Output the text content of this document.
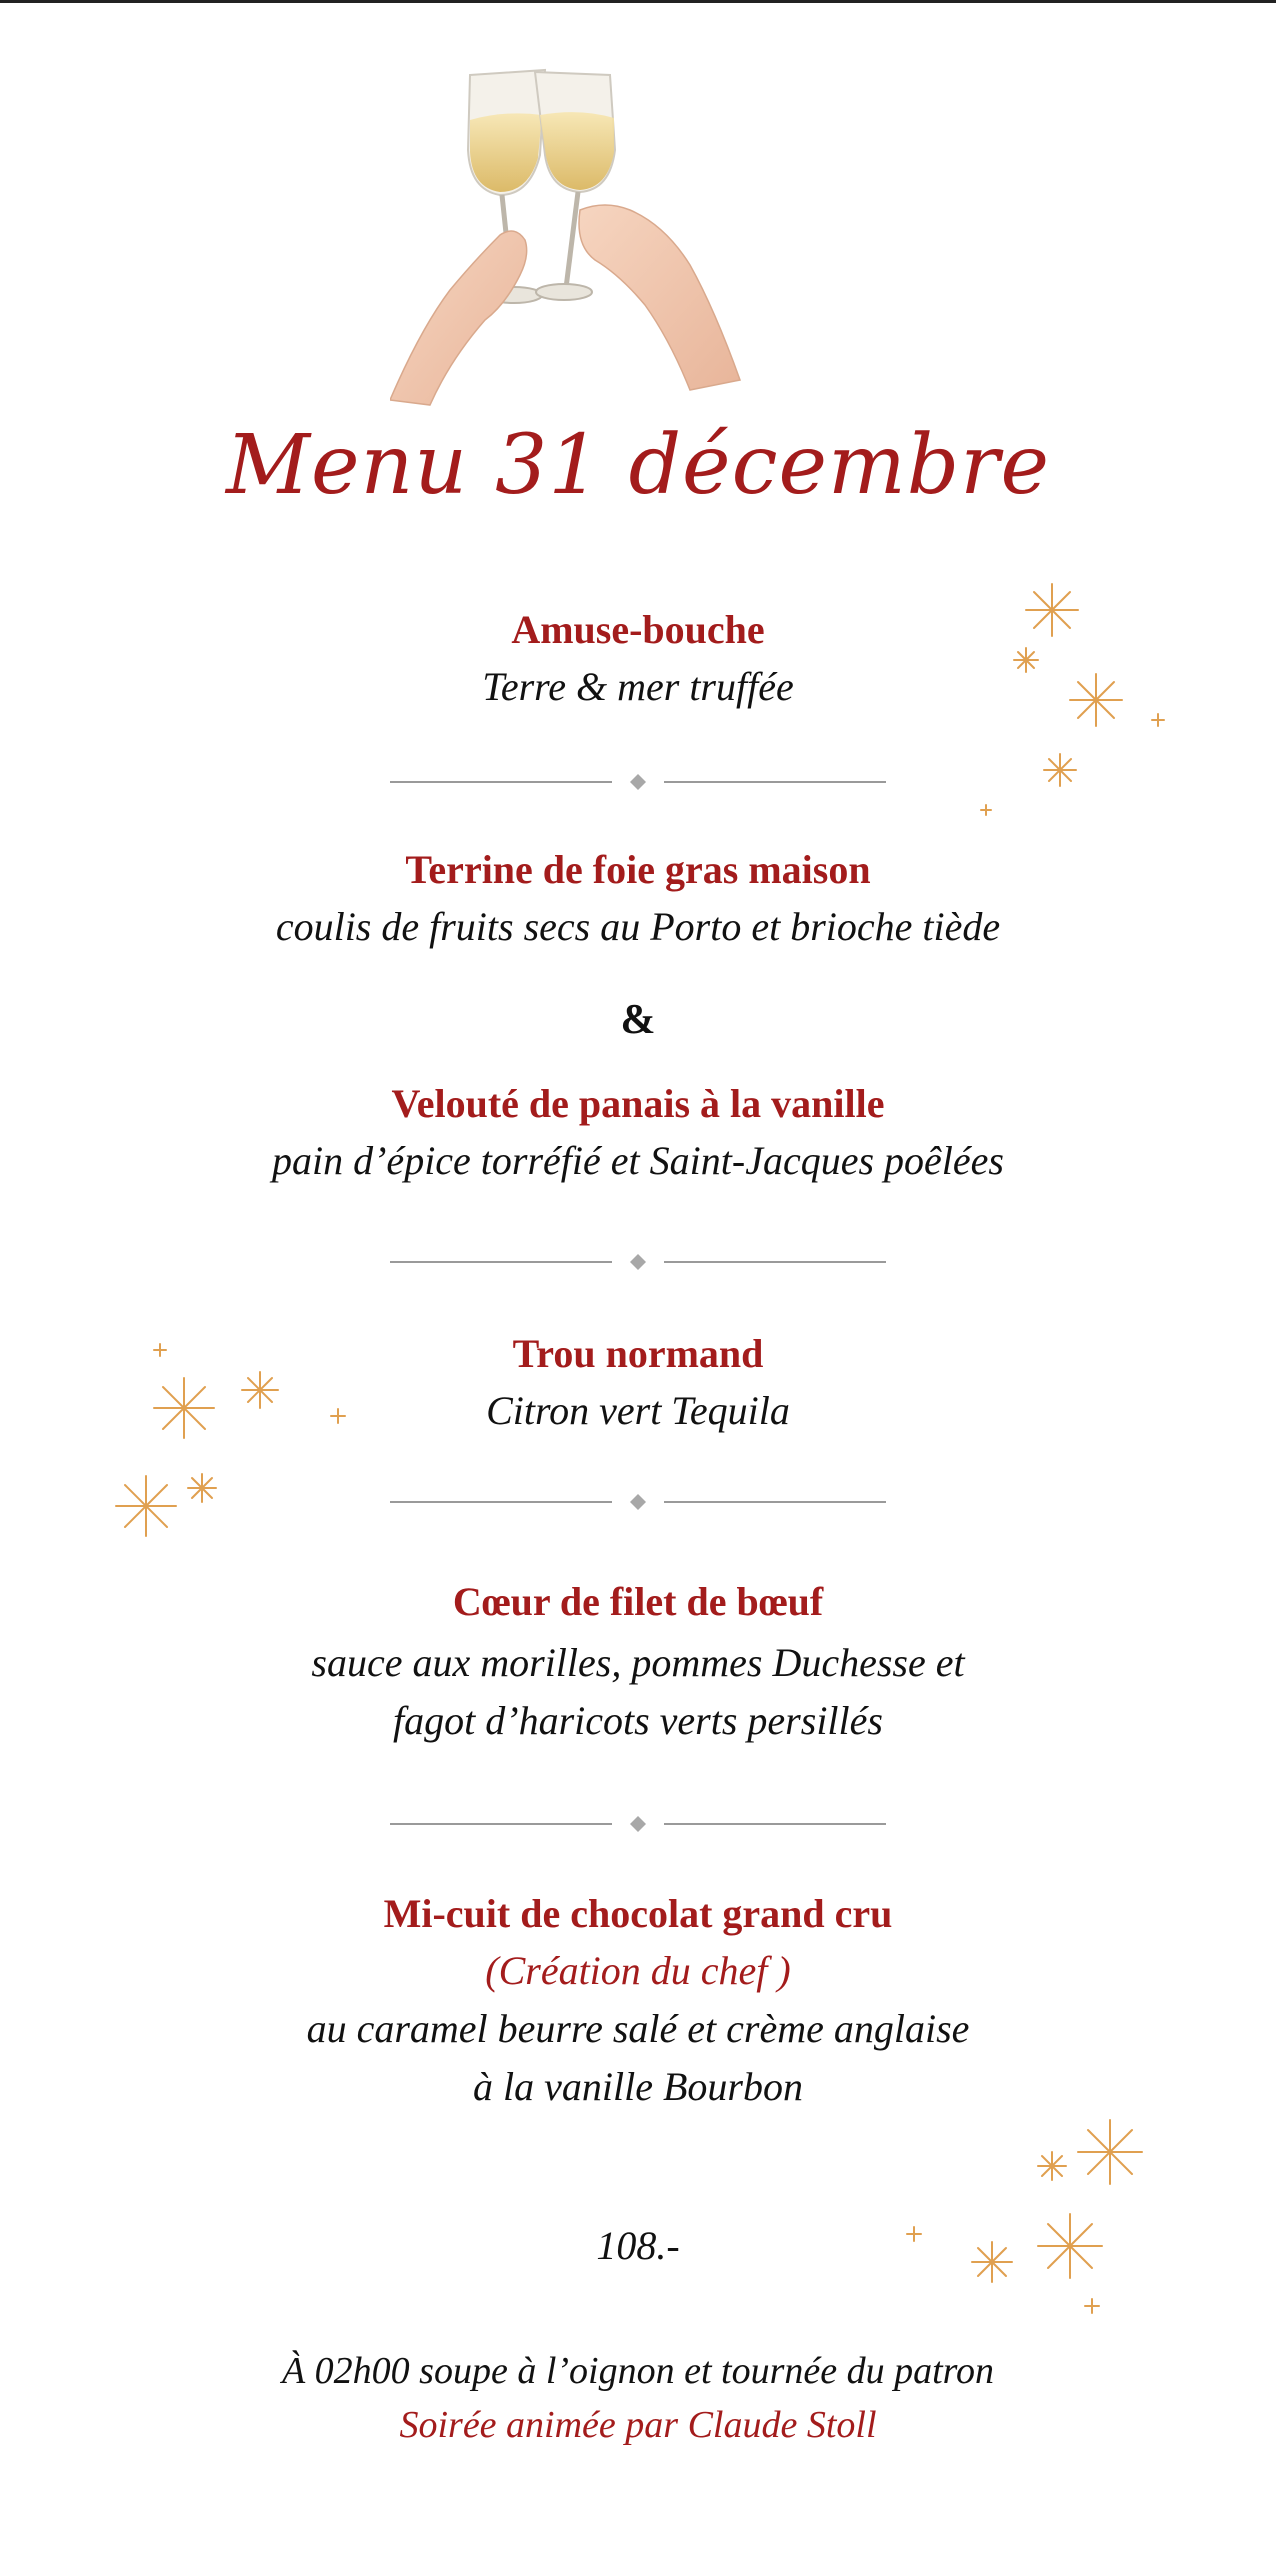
Menu 31 décembre
Amuse-bouche
Terre & mer truffée
Terrine de foie gras maison
coulis de fruits secs au Porto et brioche tiède
&
Velouté de panais à la vanille
pain d’épice torréfié et Saint-Jacques poêlées
Trou normand
Citron vert Tequila
Cœur de filet de bœuf
sauce aux morilles, pommes Duchesse et
fagot d’haricots verts persillés
Mi-cuit de chocolat grand cru
(Création du chef )
au caramel beurre salé et crème anglaise
à la vanille Bourbon
108.-
À 02h00 soupe à l’oignon et tournée du patron
Soirée animée par Claude Stoll
